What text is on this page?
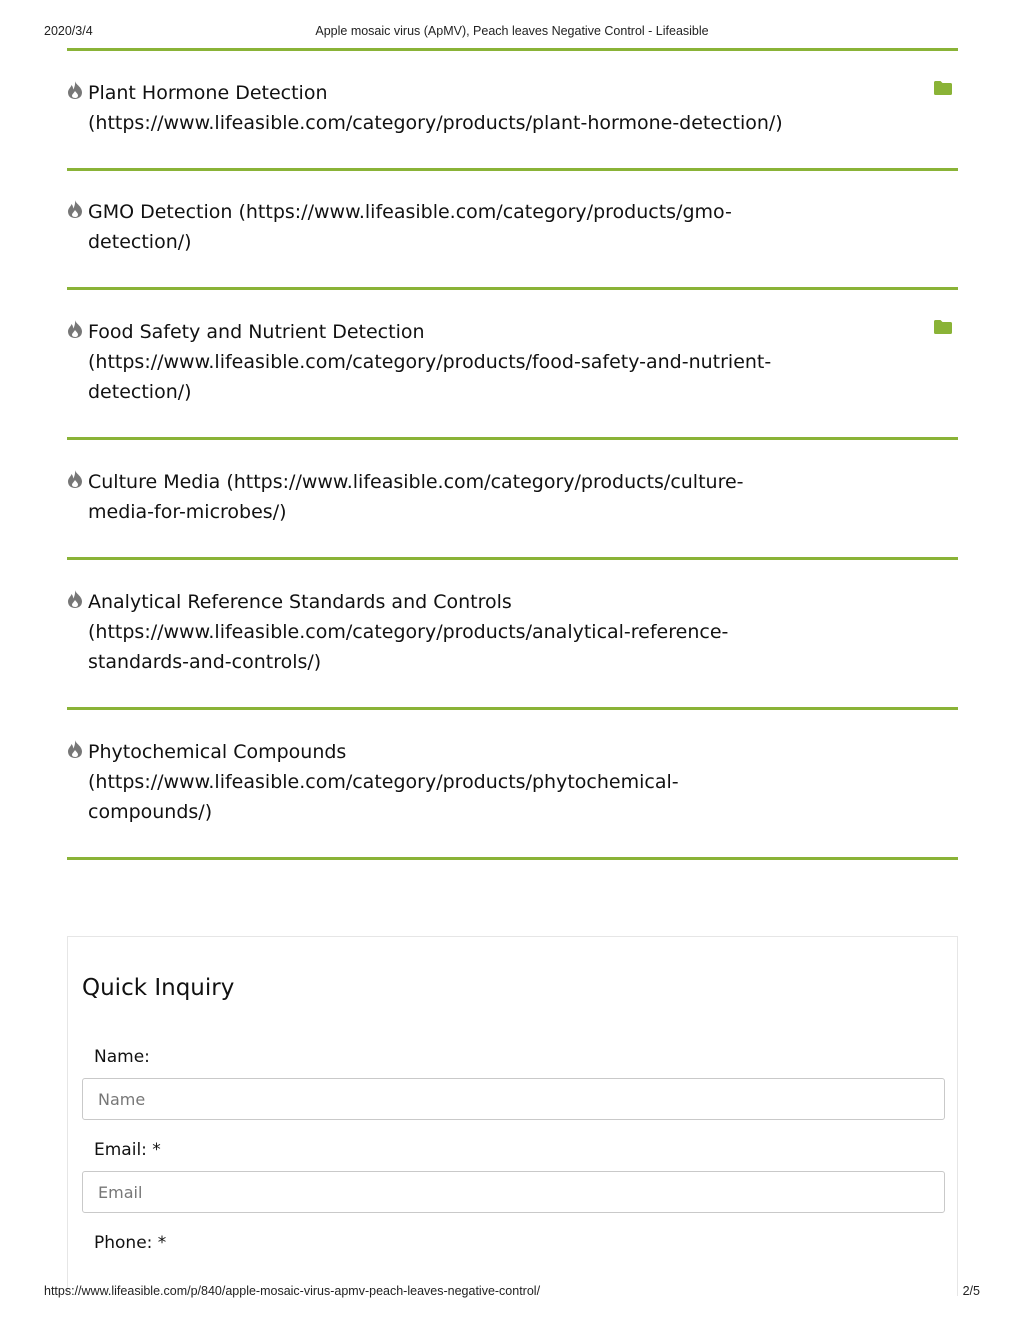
2020/3/4	Apple mosaic virus (ApMV), Peach leaves Negative Control - Lifeasible
Plant Hormone Detection
(https://www.lifeasible.com/category/products/plant-hormone-detection/)
GMO Detection (https://www.lifeasible.com/category/products/gmo-detection/)
Food Safety and Nutrient Detection
(https://www.lifeasible.com/category/products/food-safety-and-nutrient-detection/)
Culture Media (https://www.lifeasible.com/category/products/culture-media-for-microbes/)
Analytical Reference Standards and Controls
(https://www.lifeasible.com/category/products/analytical-reference-standards-and-controls/)
Phytochemical Compounds
(https://www.lifeasible.com/category/products/phytochemical-compounds/)
Quick Inquiry
Name:
Name
Email: *
Email
Phone: *
https://www.lifeasible.com/p/840/apple-mosaic-virus-apmv-peach-leaves-negative-control/	2/5
